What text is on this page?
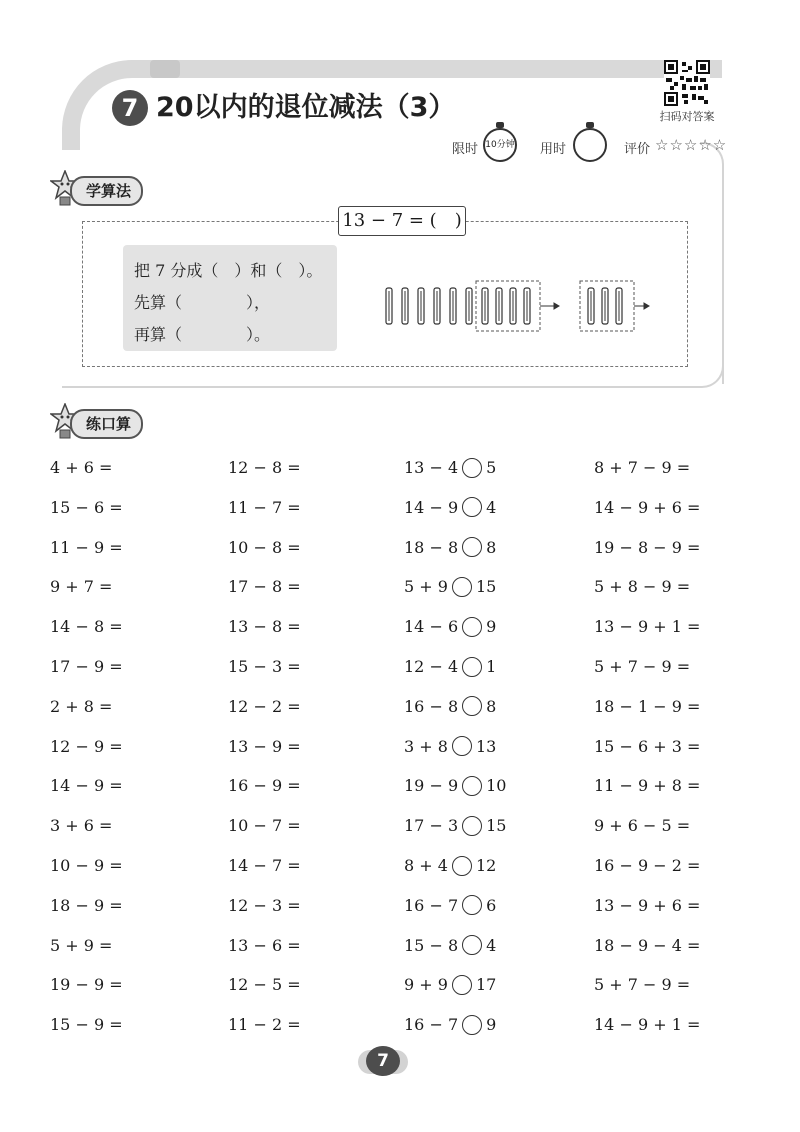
7 20以内的退位减法（3）	扫码对答案
限时 10分钟 用时	评价 ☆☆☆☆☆
学算法
13 − 7 = (　)
把 7 分成（　）和（　）。
先算（　　　　），
再算（　　　　）。
练口算
4 + 6 =
15 − 6 =
11 − 9 =
9 + 7 =
14 − 8 =
17 − 9 =
2 + 8 =
12 − 9 =
14 − 9 =
3 + 6 =
10 − 9 =
18 − 9 =
5 + 9 =
19 − 9 =
15 − 9 =
12 − 8 =
11 − 7 =
10 − 8 =
17 − 8 =
13 − 8 =
15 − 3 =
12 − 2 =
13 − 9 =
16 − 9 =
10 − 7 =
14 − 7 =
12 − 3 =
13 − 6 =
12 − 5 =
11 − 2 =
13 − 4 5
14 − 9 4
18 − 8 8
5 + 9 15
14 − 6 9
12 − 4 1
16 − 8 8
3 + 8 13
19 − 9 10
17 − 3 15
8 + 4 12
16 − 7 6
15 − 8 4
9 + 9 17
16 − 7 9
8 + 7 − 9 =
14 − 9 + 6 =
19 − 8 − 9 =
5 + 8 − 9 =
13 − 9 + 1 =
5 + 7 − 9 =
18 − 1 − 9 =
15 − 6 + 3 =
11 − 9 + 8 =
9 + 6 − 5 =
16 − 9 − 2 =
13 − 9 + 6 =
18 − 9 − 4 =
5 + 7 − 9 =
14 − 9 + 1 =
7
